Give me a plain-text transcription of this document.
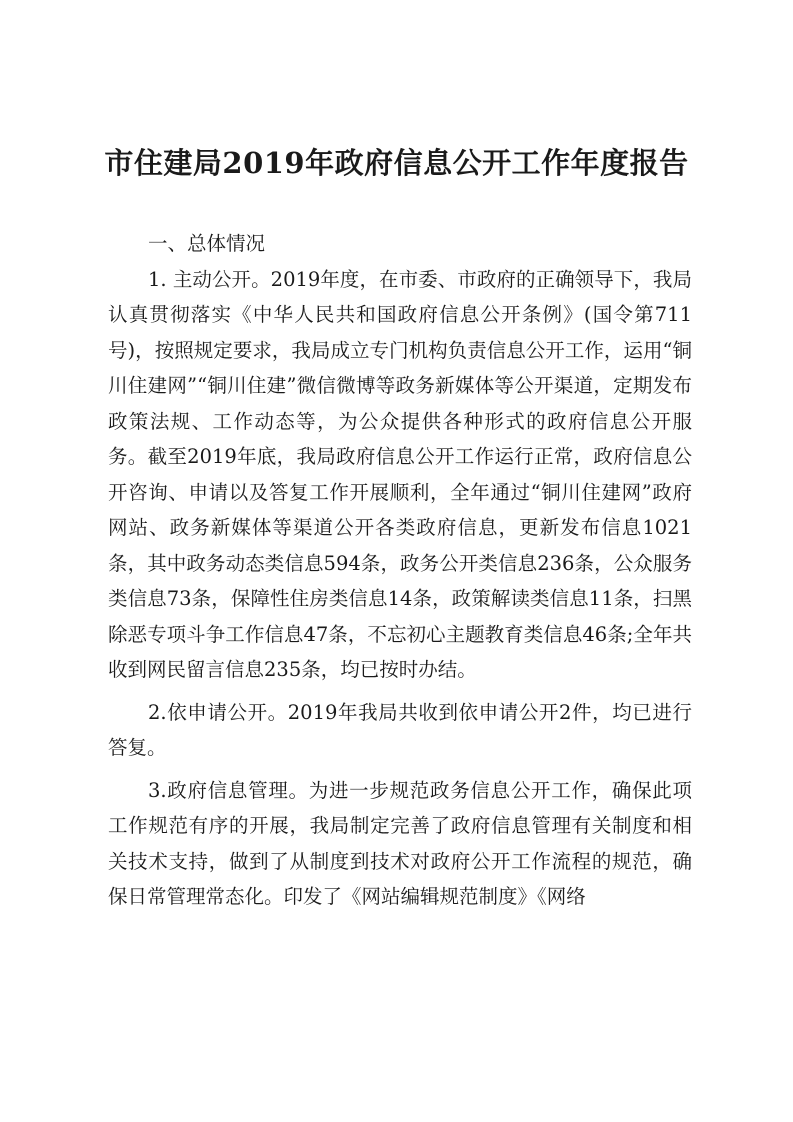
市住建局2019年政府信息公开工作年度报告

一、总体情况

1. 主动公开。2019年度，在市委、市政府的正确领导下，我局认真贯彻落实《中华人民共和国政府信息公开条例》(国令第711号)，按照规定要求，我局成立专门机构负责信息公开工作，运用“铜川住建网”“铜川住建”微信微博等政务新媒体等公开渠道，定期发布政策法规、工作动态等，为公众提供各种形式的政府信息公开服务。截至2019年底，我局政府信息公开工作运行正常，政府信息公开咨询、申请以及答复工作开展顺利，全年通过“铜川住建网”政府网站、政务新媒体等渠道公开各类政府信息，更新发布信息1021条，其中政务动态类信息594条，政务公开类信息236条，公众服务类信息73条，保障性住房类信息14条，政策解读类信息11条，扫黑除恶专项斗争工作信息47条，不忘初心主题教育类信息46条;全年共收到网民留言信息235条，均已按时办结。

2.依申请公开。2019年我局共收到依申请公开2件，均已进行答复。

3.政府信息管理。为进一步规范政务信息公开工作，确保此项工作规范有序的开展，我局制定完善了政府信息管理有关制度和相关技术支持，做到了从制度到技术对政府公开工作流程的规范，确保日常管理常态化。印发了《网站编辑规范制度》《网络
